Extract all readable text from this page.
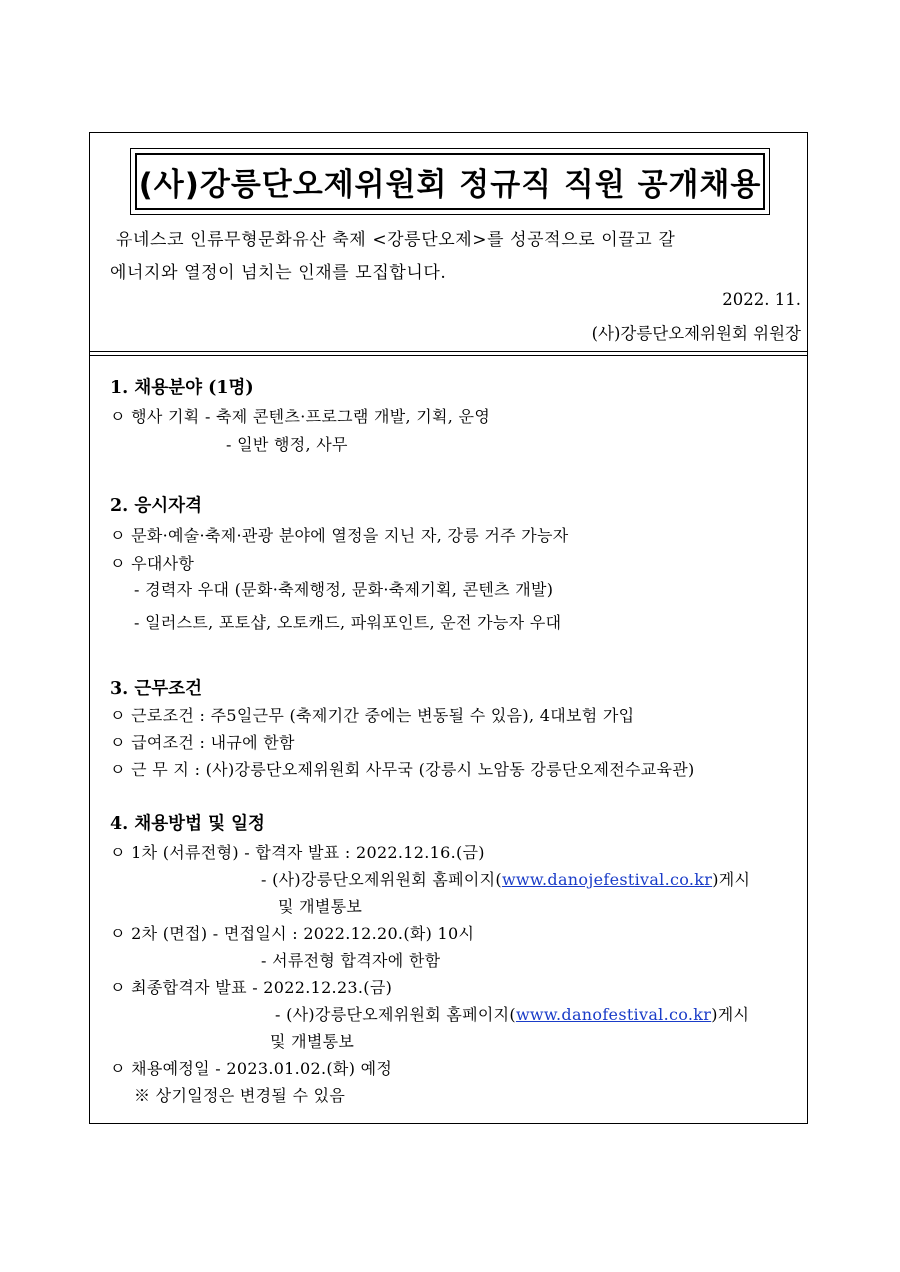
(사)강릉단오제위원회 정규직 직원 공개채용
유네스코 인류무형문화유산 축제 <강릉단오제>를 성공적으로 이끌고 갈
에너지와 열정이 넘치는 인재를 모집합니다.
2022. 11.
(사)강릉단오제위원회 위원장
1. 채용분야 (1명)
ㅇ 행사 기획 - 축제 콘텐츠·프로그램 개발, 기획, 운영
- 일반 행정, 사무
2. 응시자격
ㅇ 문화·예술·축제·관광 분야에 열정을 지닌 자, 강릉 거주 가능자
ㅇ 우대사항
- 경력자 우대 (문화·축제행정, 문화·축제기획, 콘텐츠 개발)
- 일러스트, 포토샵, 오토캐드, 파워포인트, 운전 가능자 우대
3. 근무조건
ㅇ 근로조건 : 주5일근무 (축제기간 중에는 변동될 수 있음), 4대보험 가입
ㅇ 급여조건 : 내규에 한함
ㅇ 근 무 지 : (사)강릉단오제위원회 사무국 (강릉시 노암동 강릉단오제전수교육관)
4. 채용방법 및 일정
ㅇ 1차 (서류전형) - 합격자 발표 : 2022.12.16.(금)
- (사)강릉단오제위원회 홈페이지(www.danojefestival.co.kr)게시
및 개별통보
ㅇ 2차 (면접) - 면접일시 : 2022.12.20.(화) 10시
- 서류전형 합격자에 한함
ㅇ 최종합격자 발표 - 2022.12.23.(금)
- (사)강릉단오제위원회 홈페이지(www.danofestival.co.kr)게시
및 개별통보
ㅇ 채용예정일 - 2023.01.02.(화) 예정
※ 상기일정은 변경될 수 있음
